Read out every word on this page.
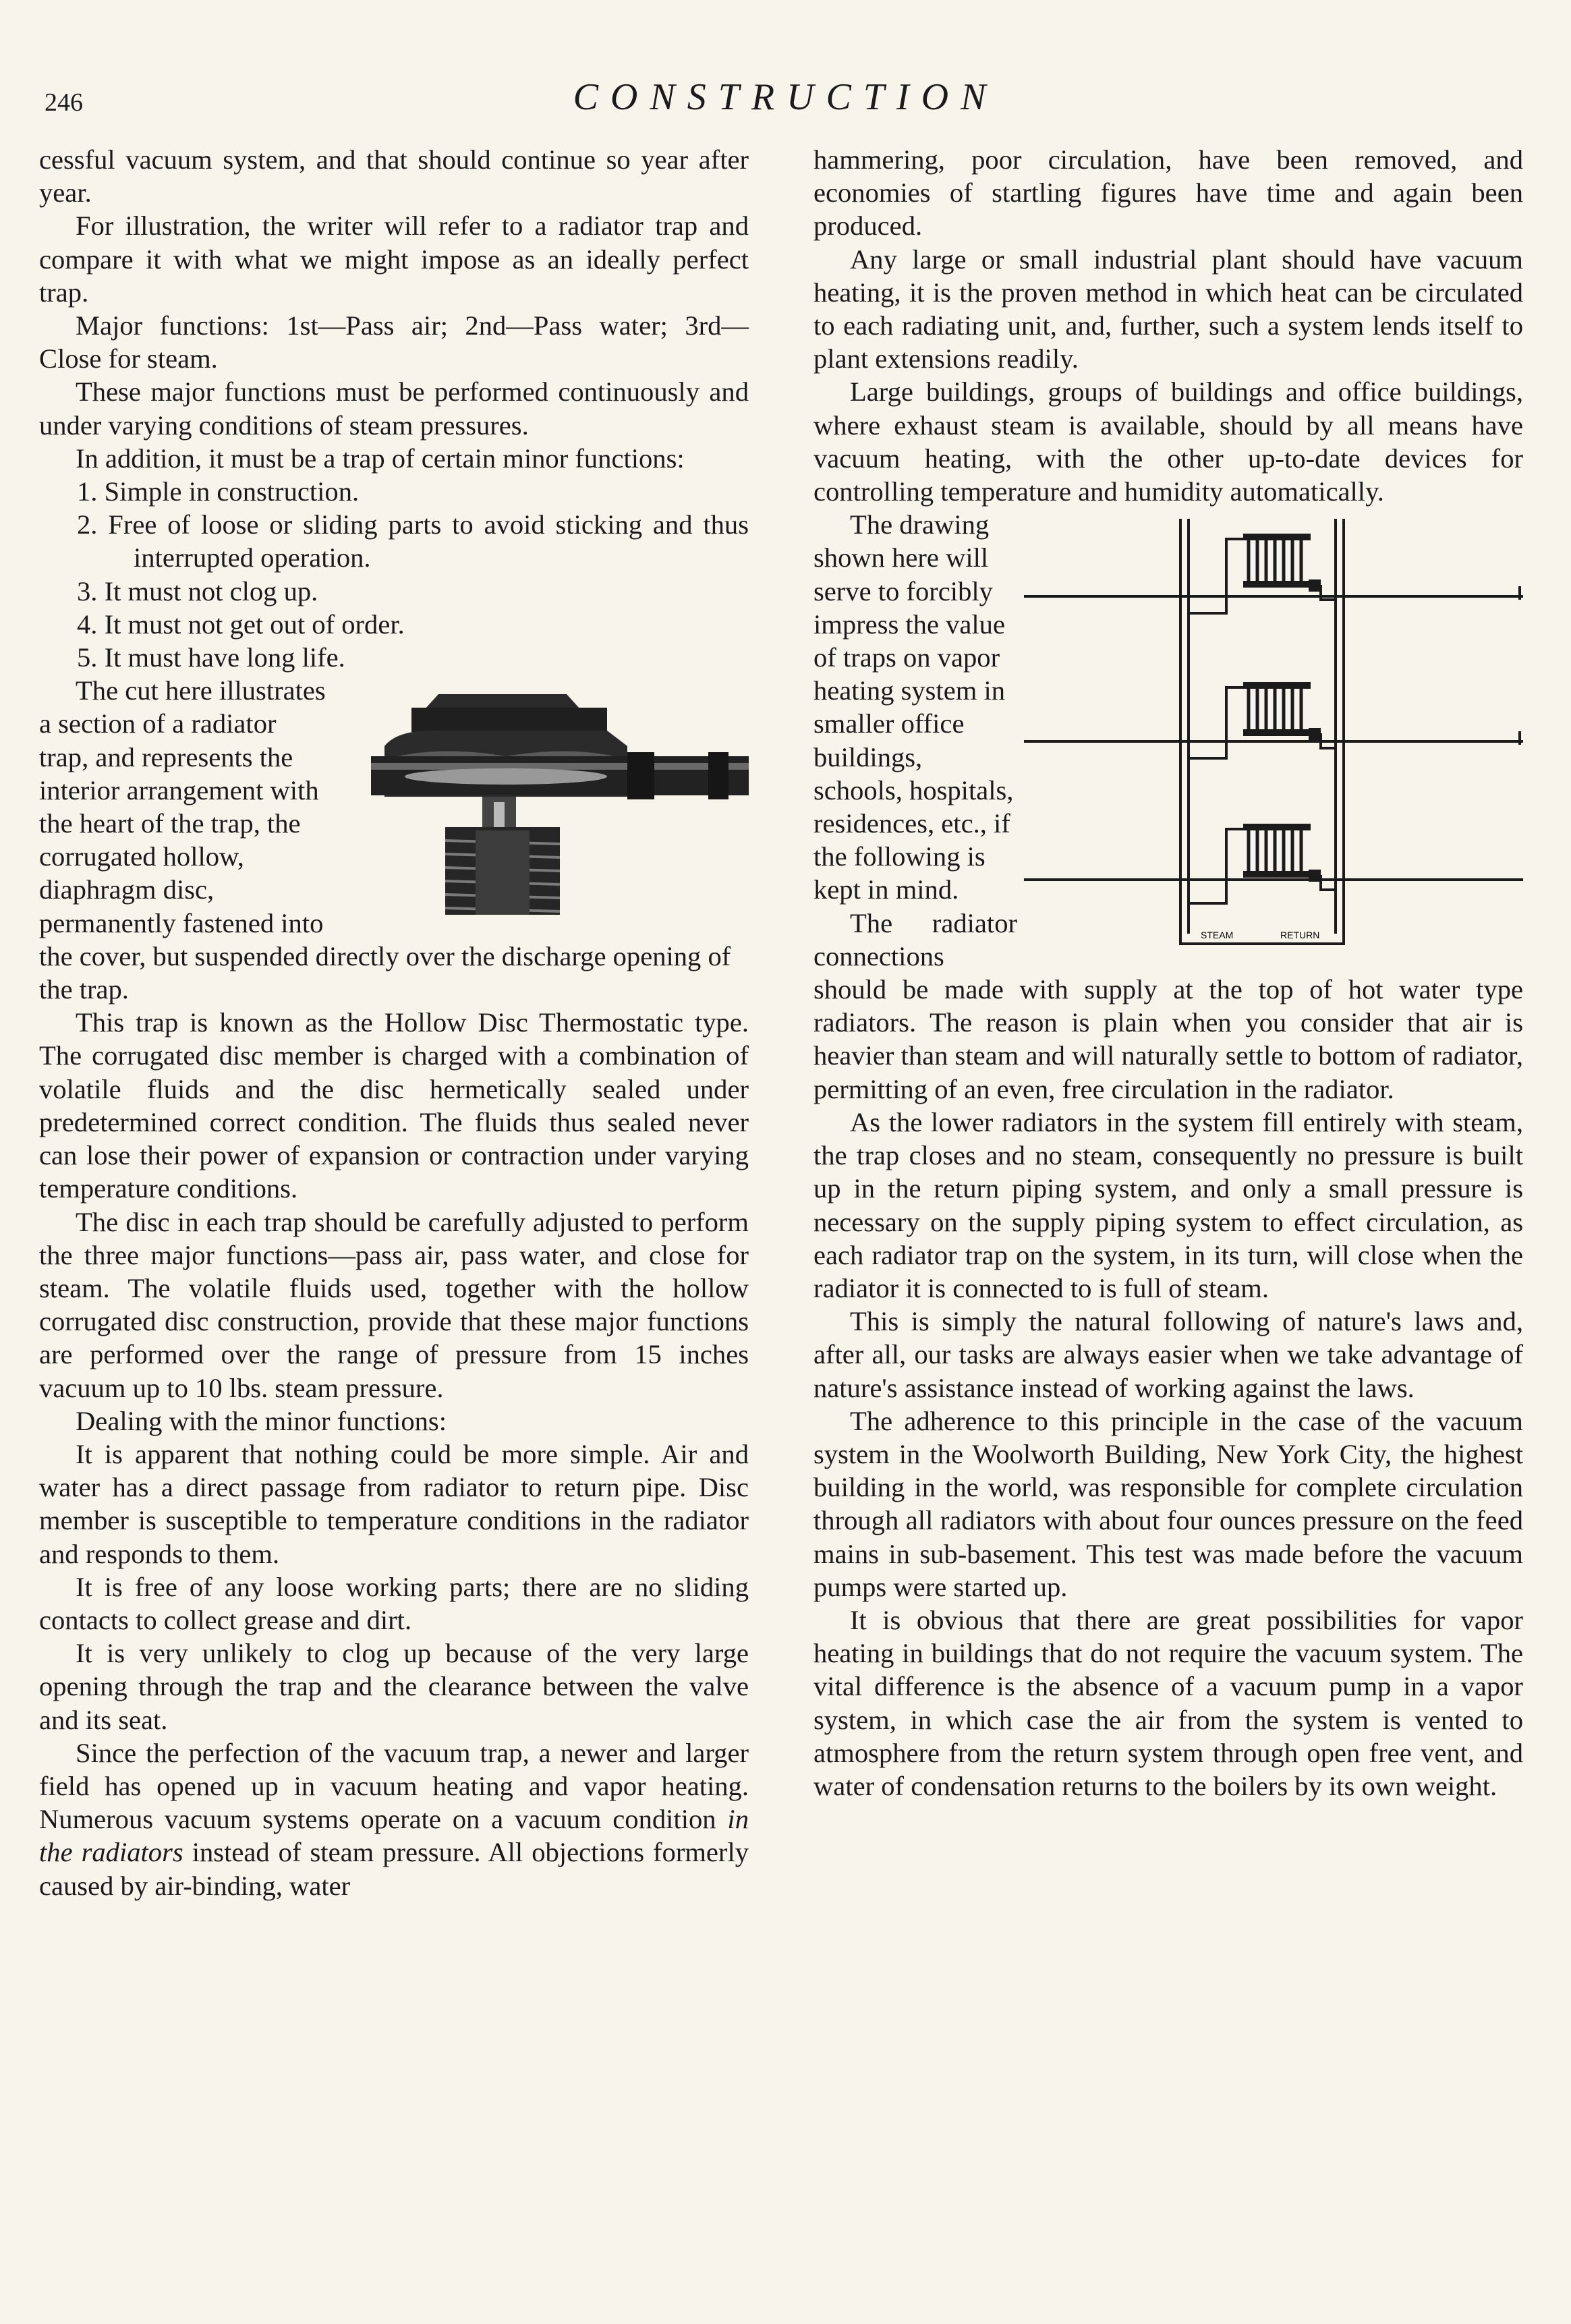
246	CONSTRUCTION

cessful vacuum system, and that should continue so year after year.

For illustration, the writer will refer to a radiator trap and compare it with what we might impose as an ideally perfect trap.

Major functions: 1st—Pass air; 2nd—Pass water; 3rd—Close for steam.

These major functions must be performed continuously and under varying conditions of steam pressures.

In addition, it must be a trap of certain minor functions:

1. Simple in construction.

2. Free of loose or sliding parts to avoid sticking and thus interrupted operation.

3. It must not clog up.

4. It must not get out of order.

5. It must have long life.

The cut here illustrates a section of a radiator trap, and represents the interior arrangement with the heart of the trap, the corrugated hollow, diaphragm disc, permanently fastened into the cover, but suspended directly over the discharge opening of the trap.

This trap is known as the Hollow Disc Thermostatic type. The corrugated disc member is charged with a combination of volatile fluids and the disc hermetically sealed under predetermined correct condition. The fluids thus sealed never can lose their power of expansion or contraction under varying temperature conditions.

The disc in each trap should be carefully adjusted to perform the three major functions—pass air, pass water, and close for steam. The volatile fluids used, together with the hollow corrugated disc construction, provide that these major functions are performed over the range of pressure from 15 inches vacuum up to 10 lbs. steam pressure.

Dealing with the minor functions:

It is apparent that nothing could be more simple. Air and water has a direct passage from radiator to return pipe. Disc member is susceptible to temperature conditions in the radiator and responds to them.

It is free of any loose working parts; there are no sliding contacts to collect grease and dirt.

It is very unlikely to clog up because of the very large opening through the trap and the clearance between the valve and its seat.

Since the perfection of the vacuum trap, a newer and larger field has opened up in vacuum heating and vapor heating. Numerous vacuum systems operate on a vacuum condition in the radiators instead of steam pressure. All objections formerly caused by air-binding, water

hammering, poor circulation, have been removed, and economies of startling figures have time and again been produced.

Any large or small industrial plant should have vacuum heating, it is the proven method in which heat can be circulated to each radiating unit, and, further, such a system lends itself to plant extensions readily.

Large buildings, groups of buildings and office buildings, where exhaust steam is available, should by all means have vacuum heating, with the other up-to-date devices for controlling temperature and humidity automatically.

STEAM	RETURN

The drawing shown here will serve to forcibly impress the value of traps on vapor heating system in smaller office buildings, schools, hospitals, residences, etc., if the following is kept in mind.

The radiator connections should be made with supply at the top of hot water type radiators. The reason is plain when you consider that air is heavier than steam and will naturally settle to bottom of radiator, permitting of an even, free circulation in the radiator.

As the lower radiators in the system fill entirely with steam, the trap closes and no steam, consequently no pressure is built up in the return piping system, and only a small pressure is necessary on the supply piping system to effect circulation, as each radiator trap on the system, in its turn, will close when the radiator it is connected to is full of steam.

This is simply the natural following of nature's laws and, after all, our tasks are always easier when we take advantage of nature's assistance instead of working against the laws.

The adherence to this principle in the case of the vacuum system in the Woolworth Building, New York City, the highest building in the world, was responsible for complete circulation through all radiators with about four ounces pressure on the feed mains in sub-basement. This test was made before the vacuum pumps were started up.

It is obvious that there are great possibilities for vapor heating in buildings that do not require the vacuum system. The vital difference is the absence of a vacuum pump in a vapor system, in which case the air from the system is vented to atmosphere from the return system through open free vent, and water of condensation returns to the boilers by its own weight.
